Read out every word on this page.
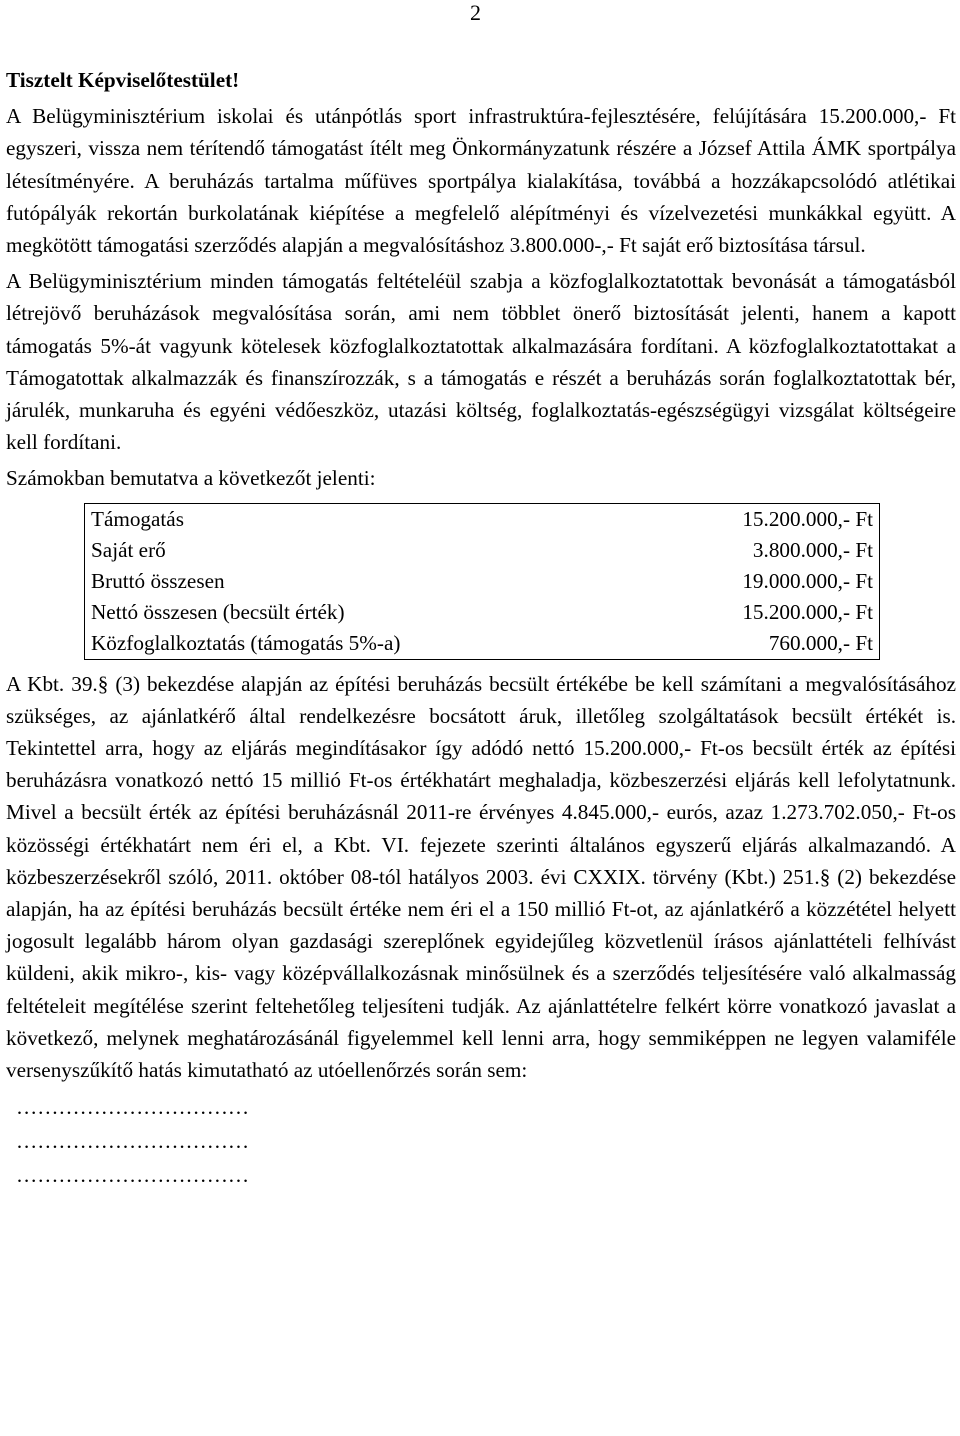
2
Tisztelt Képviselőtestület!

A Belügyminisztérium iskolai és utánpótlás sport infrastruktúra-fejlesztésére, felújítására 15.200.000,- Ft egyszeri, vissza nem térítendő támogatást ítélt meg Önkormányzatunk részére a József Attila ÁMK sportpálya létesítményére. A beruházás tartalma műfüves sportpálya kialakítása, továbbá a hozzákapcsolódó atlétikai futópályák rekortán burkolatának kiépítése a megfelelő alépítményi és vízelvezetési munkákkal együtt. A megkötött támogatási szerződés alapján a megvalósításhoz 3.800.000-,- Ft saját erő biztosítása társul.

A Belügyminisztérium minden támogatás feltételéül szabja a közfoglalkoztatottak bevonását a támogatásból létrejövő beruházások megvalósítása során, ami nem többlet önerő biztosítását jelenti, hanem a kapott támogatás 5%-át vagyunk kötelesek közfoglalkoztatottak alkalmazására fordítani. A közfoglalkoztatottakat a Támogatottak alkalmazzák és finanszírozzák, s a támogatás e részét a beruházás során foglalkoztatottak bér, járulék, munkaruha és egyéni védőeszköz, utazási költség, foglalkoztatás-egészségügyi vizsgálat költségeire kell fordítani.

Számokban bemutatva a következőt jelenti:

Támogatás	15.200.000,- Ft
Saját erő	3.800.000,- Ft
Bruttó összesen	19.000.000,- Ft
Nettó összesen (becsült érték)	15.200.000,- Ft
Közfoglalkoztatás (támogatás 5%-a)	760.000,- Ft

A Kbt. 39.§ (3) bekezdése alapján az építési beruházás becsült értékébe be kell számítani a megvalósításához szükséges, az ajánlatkérő által rendelkezésre bocsátott áruk, illetőleg szolgáltatások becsült értékét is. Tekintettel arra, hogy az eljárás megindításakor így adódó nettó 15.200.000,- Ft-os becsült érték az építési beruházásra vonatkozó nettó 15 millió Ft-os értékhatárt meghaladja, közbeszerzési eljárás kell lefolytatnunk. Mivel a becsült érték az építési beruházásnál 2011-re érvényes 4.845.000,- eurós, azaz 1.273.702.050,- Ft-os közösségi értékhatárt nem éri el, a Kbt. VI. fejezete szerinti általános egyszerű eljárás alkalmazandó. A közbeszerzésekről szóló, 2011. október 08-tól hatályos 2003. évi CXXIX. törvény (Kbt.) 251.§ (2) bekezdése alapján, ha az építési beruházás becsült értéke nem éri el a 150 millió Ft-ot, az ajánlatkérő a közzététel helyett jogosult legalább három olyan gazdasági szereplőnek egyidejűleg közvetlenül írásos ajánlattételi felhívást küldeni, akik mikro-, kis- vagy középvállalkozásnak minősülnek és a szerződés teljesítésére való alkalmasság feltételeit megítélése szerint feltehetőleg teljesíteni tudják. Az ajánlattételre felkért körre vonatkozó javaslat a következő, melynek meghatározásánál figyelemmel kell lenni arra, hogy semmiképpen ne legyen valamiféle versenyszűkítő hatás kimutatható az utóellenőrzés során sem:

……………………………
……………………………
……………………………
